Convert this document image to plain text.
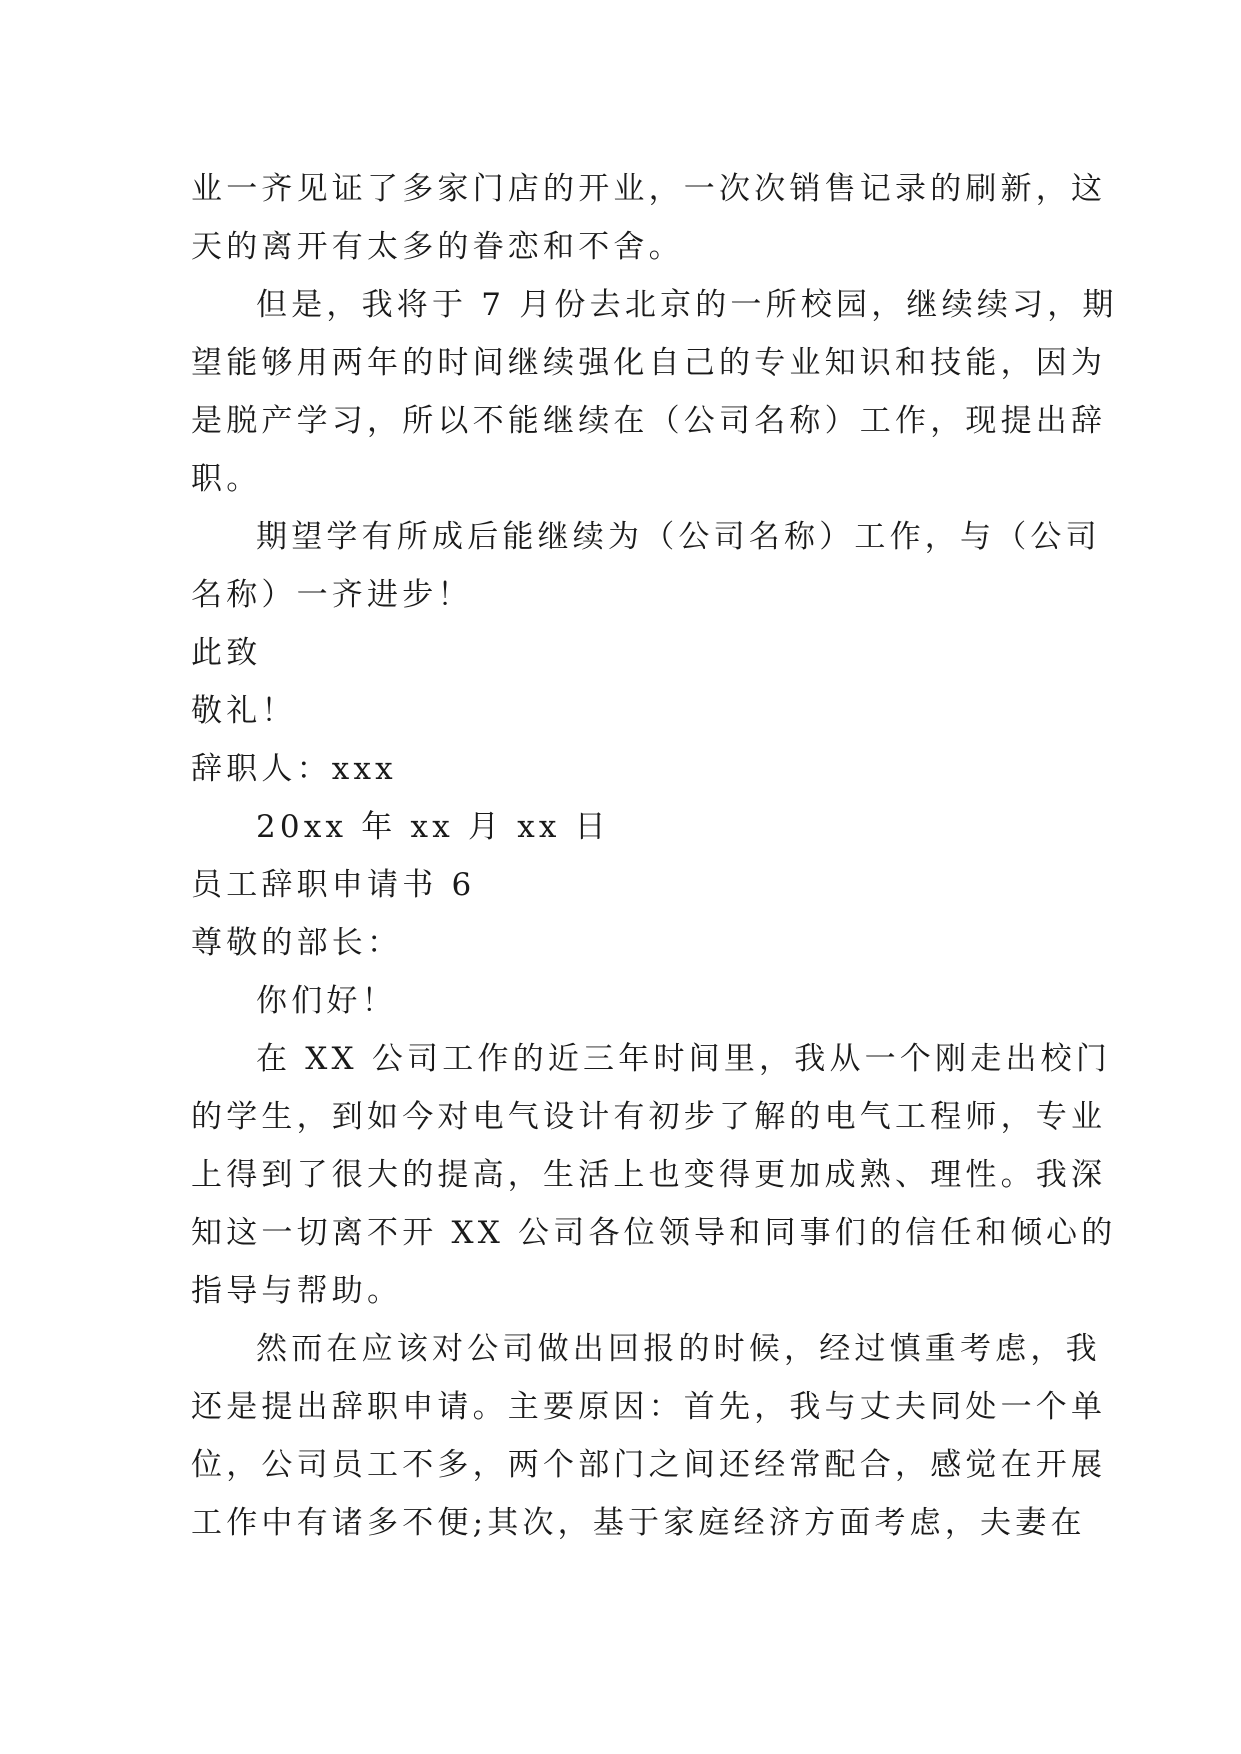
业一齐见证了多家门店的开业，一次次销售记录的刷新，这
天的离开有太多的眷恋和不舍。
但是，我将于 7 月份去北京的一所校园，继续续习，期
望能够用两年的时间继续强化自己的专业知识和技能，因为
是脱产学习，所以不能继续在（公司名称）工作，现提出辞
职。
期望学有所成后能继续为（公司名称）工作，与（公司
名称）一齐进步！
此致
敬礼！
辞职人：xxx
20xx 年 xx 月 xx 日
员工辞职申请书 6
尊敬的部长：
你们好！
在 XX 公司工作的近三年时间里，我从一个刚走出校门
的学生，到如今对电气设计有初步了解的电气工程师，专业
上得到了很大的提高，生活上也变得更加成熟、理性。我深
知这一切离不开 XX 公司各位领导和同事们的信任和倾心的
指导与帮助。
然而在应该对公司做出回报的时候，经过慎重考虑，我
还是提出辞职申请。主要原因：首先，我与丈夫同处一个单
位，公司员工不多，两个部门之间还经常配合，感觉在开展
工作中有诸多不便;其次，基于家庭经济方面考虑，夫妻在
